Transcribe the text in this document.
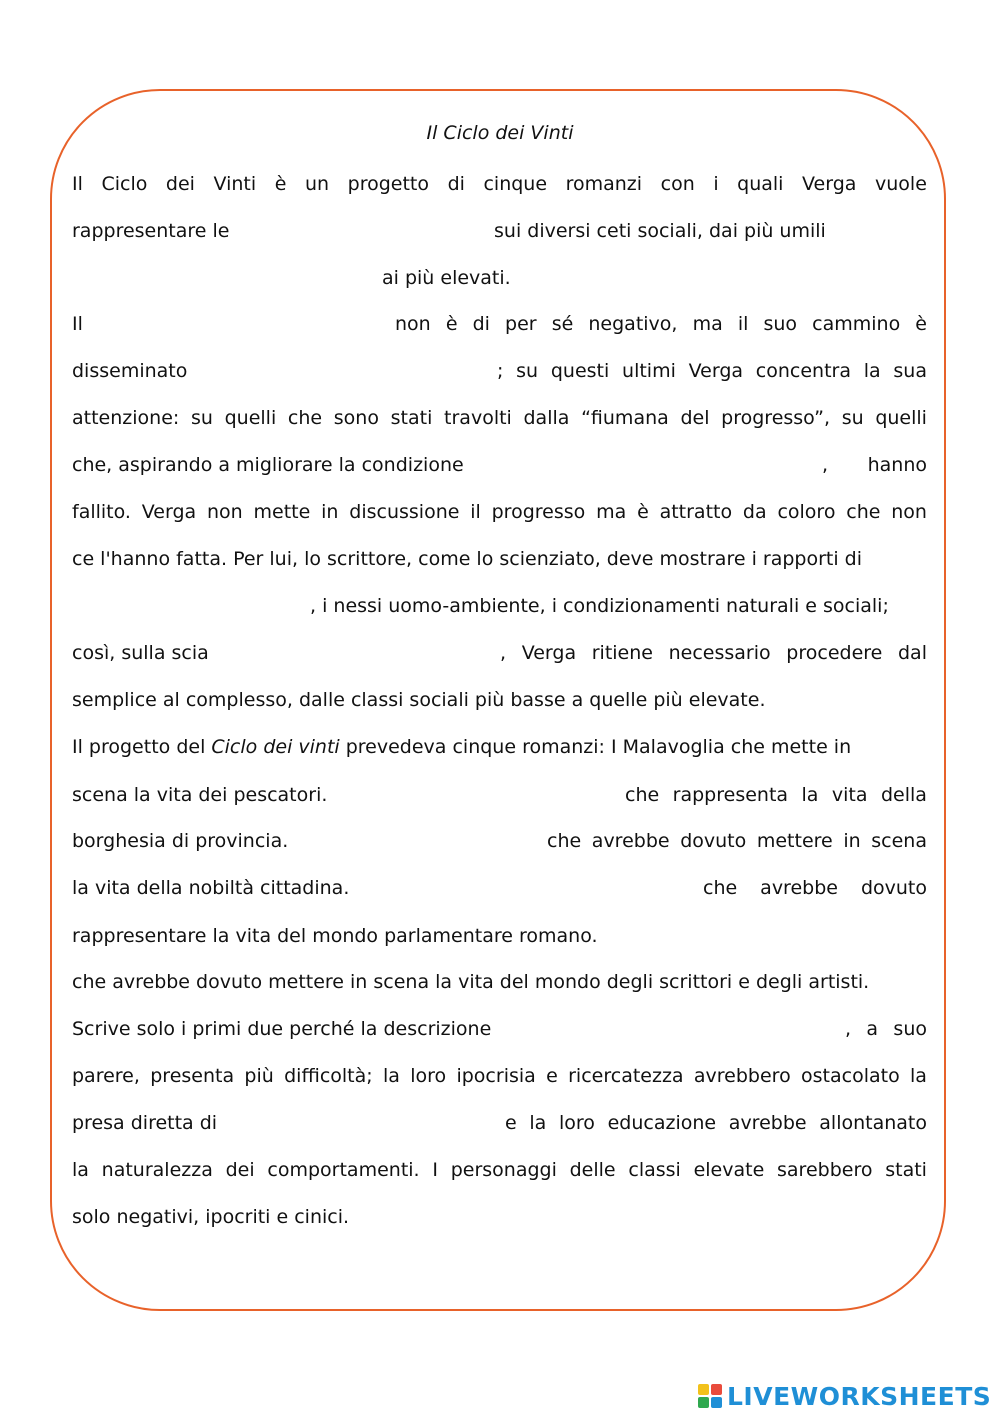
Il Ciclo dei Vinti
Il Ciclo dei Vinti è un progetto di cinque romanzi con i quali Verga vuole
rappresentare le	sui diversi ceti sociali, dai più umili
ai più elevati.
Il	non è di per sé negativo, ma il suo cammino è
disseminato	; su questi ultimi Verga concentra la sua
attenzione: su quelli che sono stati travolti dalla “fiumana del progresso”, su quelli
che, aspirando a migliorare la condizione	, hanno
fallito. Verga non mette in discussione il progresso ma è attratto da coloro che non
ce l'hanno fatta. Per lui, lo scrittore, come lo scienziato, deve mostrare i rapporti di
, i nessi uomo-ambiente, i condizionamenti naturali e sociali;
così, sulla scia	, Verga ritiene necessario procedere dal
semplice al complesso, dalle classi sociali più basse a quelle più elevate.
Il progetto del Ciclo dei vinti prevedeva cinque romanzi: I Malavoglia che mette in
scena la vita dei pescatori.	che rappresenta la vita della
borghesia di provincia.	che avrebbe dovuto mettere in scena
la vita della nobiltà cittadina.	che avrebbe dovuto
rappresentare la vita del mondo parlamentare romano.
che avrebbe dovuto mettere in scena la vita del mondo degli scrittori e degli artisti.
Scrive solo i primi due perché la descrizione	, a suo
parere, presenta più difficoltà; la loro ipocrisia e ricercatezza avrebbero ostacolato la
presa diretta di	e la loro educazione avrebbe allontanato
la naturalezza dei comportamenti. I personaggi delle classi elevate sarebbero stati
solo negativi, ipocriti e cinici.
LIVEWORKSHEETS
